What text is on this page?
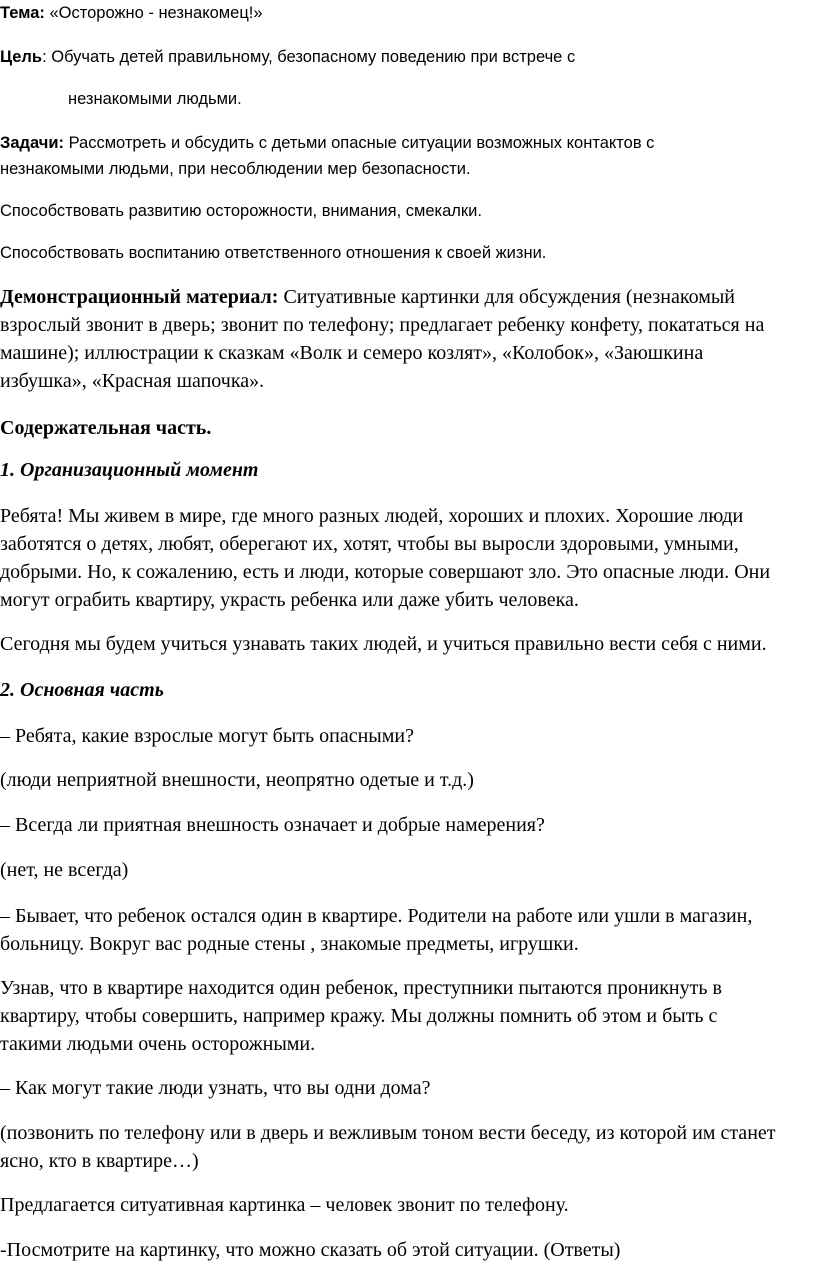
Тема: «Осторожно - незнакомец!»
Цель: Обучать детей правильному, безопасному поведению при встрече с
незнакомыми людьми.
Задачи: Рассмотреть и обсудить с детьми опасные ситуации возможных контактов с
незнакомыми людьми, при несоблюдении мер безопасности.
Способствовать развитию осторожности, внимания, смекалки.
Способствовать воспитанию ответственного отношения к своей жизни.
Демонстрационный материал: Ситуативные картинки для обсуждения (незнакомый
взрослый звонит в дверь; звонит по телефону; предлагает ребенку конфету, покататься на
машине); иллюстрации к сказкам «Волк и семеро козлят», «Колобок», «Заюшкина
избушка», «Красная шапочка».
Содержательная часть.
1. Организационный момент
Ребята! Мы живем в мире, где много разных людей, хороших и плохих. Хорошие люди
заботятся о детях, любят, оберегают их, хотят, чтобы вы выросли здоровыми, умными,
добрыми. Но, к сожалению, есть и люди, которые совершают зло. Это опасные люди. Они
могут ограбить квартиру, украсть ребенка или даже убить человека.
Сегодня мы будем учиться узнавать таких людей, и учиться правильно вести себя с ними.
2. Основная часть
– Ребята, какие взрослые могут быть опасными?
(люди неприятной внешности, неопрятно одетые и т.д.)
– Всегда ли приятная внешность означает и добрые намерения?
(нет, не всегда)
– Бывает, что ребенок остался один в квартире. Родители на работе или ушли в магазин,
больницу. Вокруг вас родные стены , знакомые предметы, игрушки.
Узнав, что в квартире находится один ребенок, преступники пытаются проникнуть в
квартиру, чтобы совершить, например кражу. Мы должны помнить об этом и быть с
такими людьми очень осторожными.
– Как могут такие люди узнать, что вы одни дома?
(позвонить по телефону или в дверь и вежливым тоном вести беседу, из которой им станет
ясно, кто в квартире…)
Предлагается ситуативная картинка – человек звонит по телефону.
-Посмотрите на картинку, что можно сказать об этой ситуации. (Ответы)
